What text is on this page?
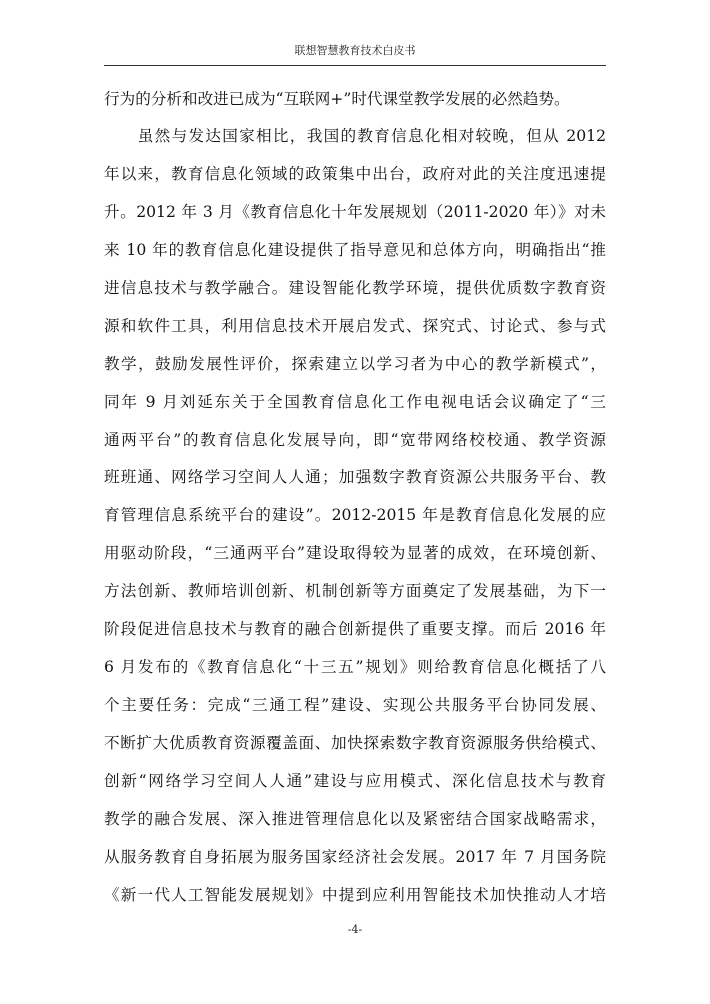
联想智慧教育技术白皮书
行为的分析和改进已成为“互联网+”时代课堂教学发展的必然趋势。
　　虽然与发达国家相比，我国的教育信息化相对较晚，但从 2012
年以来，教育信息化领域的政策集中出台，政府对此的关注度迅速提
升。2012 年 3 月《教育信息化十年发展规划（2011-2020 年）》对未
来 10 年的教育信息化建设提供了指导意见和总体方向，明确指出“推
进信息技术与教学融合。建设智能化教学环境，提供优质数字教育资
源和软件工具，利用信息技术开展启发式、探究式、讨论式、参与式
教学，鼓励发展性评价，探索建立以学习者为中心的教学新模式”，
同年 9 月刘延东关于全国教育信息化工作电视电话会议确定了“三
通两平台”的教育信息化发展导向，即“宽带网络校校通、教学资源
班班通、网络学习空间人人通；加强数字教育资源公共服务平台、教
育管理信息系统平台的建设”。2012-2015 年是教育信息化发展的应
用驱动阶段，“三通两平台”建设取得较为显著的成效，在环境创新、
方法创新、教师培训创新、机制创新等方面奠定了发展基础，为下一
阶段促进信息技术与教育的融合创新提供了重要支撑。而后 2016 年
6 月发布的《教育信息化“十三五”规划》则给教育信息化概括了八
个主要任务：完成“三通工程”建设、实现公共服务平台协同发展、
不断扩大优质教育资源覆盖面、加快探索数字教育资源服务供给模式、
创新“网络学习空间人人通”建设与应用模式、深化信息技术与教育
教学的融合发展、深入推进管理信息化以及紧密结合国家战略需求，
从服务教育自身拓展为服务国家经济社会发展。2017 年 7 月国务院
《新一代人工智能发展规划》中提到应利用智能技术加快推动人才培
-4-
